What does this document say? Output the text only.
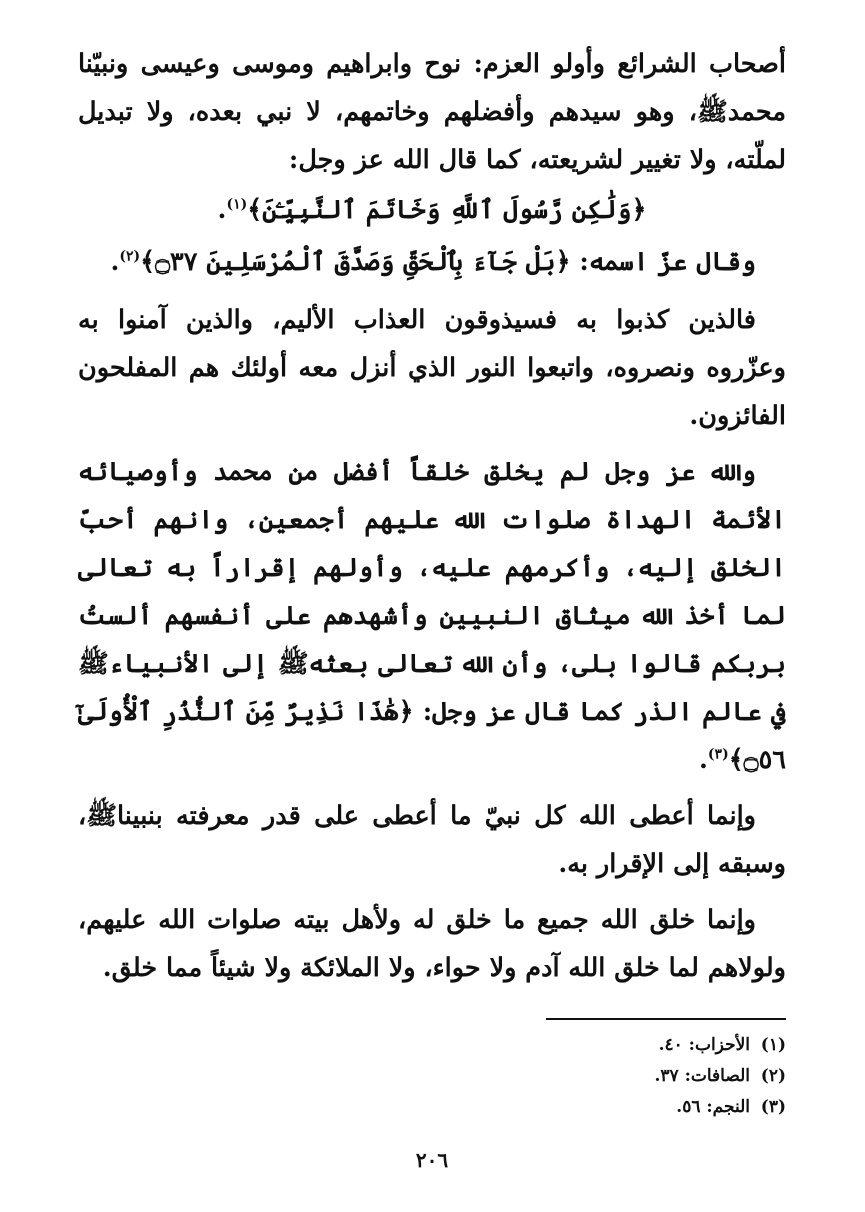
أصحاب الشرائع وأولو العزم: نوح وابراهيم وموسى وعيسى ونبيّنا محمدﷺ، وهو سيدهم وأفضلهم وخاتمهم، لا نبي بعده، ولا تبديل لملّته، ولا تغيير لشريعته، كما قال الله عز وجل:

﴿وَلَٰكِن رَّسُولَ ٱللَّهِ وَخَاتَمَ ٱلنَّبِيِّـۧنَ﴾$^{(١)}$.

وقال عزّ اسمه: ﴿بَلْ جَآءَ بِٱلْحَقِّ وَصَدَّقَ ٱلْمُرْسَلِينَ ۝٣٧﴾$^{(٢)}$.

فالذين كذبوا به فسيذوقون العذاب الأليم، والذين آمنوا به وعزّروه ونصروه، واتبعوا النور الذي أنزل معه أولئك هم المفلحون الفائزون.

والله عز وجل لم يخلق خلقاً أفضل من محمد وأوصيائه الأئمة الهداة صلوات الله عليهم أجمعين، وانهم أحبّ الخلق إليه، وأكرمهم عليه، وأولهم إقراراً به تعالى لما أخذ الله ميثاق النبيين وأشهدهم على أنفسهم ألستُ بربكم قالوا بلى، وأن الله تعالى بعثهﷺ إلى الأنبياءﷺ في عالم الذر كما قال عز وجل: ﴿هَٰذَا نَذِيرٌ مِّنَ ٱلنُّذُرِ ٱلْأُولَىٰٓ ۝٥٦﴾$^{(٣)}$.

وإنما أعطى الله كل نبيّ ما أعطى على قدر معرفته بنبيناﷺ، وسبقه إلى الإقرار به.

وإنما خلق الله جميع ما خلق له ولأهل بيته صلوات الله عليهم، ولولاهم لما خلق الله آدم ولا حواء، ولا الملائكة ولا شيئاً مما خلق.

(١)الأحزاب: ٤٠.
(٢)الصافات: ٣٧.
(٣)النجم: ٥٦.
٢٠٦
